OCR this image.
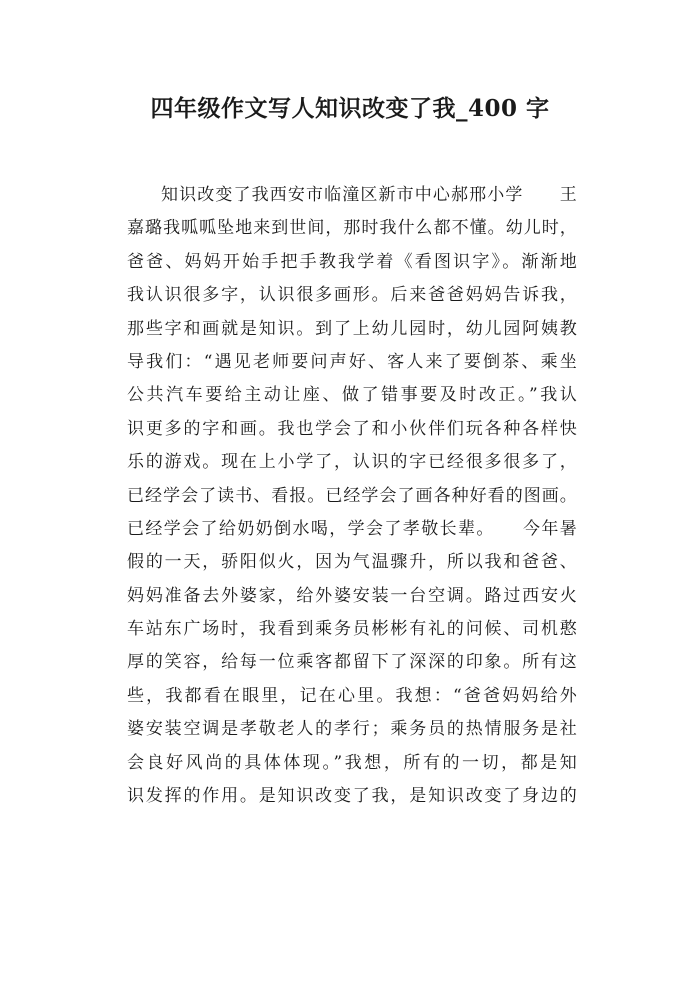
四年级作文写人知识改变了我_400 字
知识改变了我西安市临潼区新市中心郝邢小学　　王
嘉璐我呱呱坠地来到世间，那时我什么都不懂。幼儿时，
爸爸、妈妈开始手把手教我学着《看图识字》。渐渐地
我认识很多字，认识很多画形。后来爸爸妈妈告诉我，
那些字和画就是知识。到了上幼儿园时，幼儿园阿姨教
导我们：“遇见老师要问声好、客人来了要倒茶、乘坐
公共汽车要给主动让座、做了错事要及时改正。”我认
识更多的字和画。我也学会了和小伙伴们玩各种各样快
乐的游戏。现在上小学了，认识的字已经很多很多了，
已经学会了读书、看报。已经学会了画各种好看的图画。
已经学会了给奶奶倒水喝，学会了孝敬长辈。　　今年暑
假的一天，骄阳似火，因为气温骤升，所以我和爸爸、
妈妈准备去外婆家，给外婆安装一台空调。路过西安火
车站东广场时，我看到乘务员彬彬有礼的问候、司机憨
厚的笑容，给每一位乘客都留下了深深的印象。所有这
些，我都看在眼里，记在心里。我想：“爸爸妈妈给外
婆安装空调是孝敬老人的孝行；乘务员的热情服务是社
会良好风尚的具体体现。”我想，所有的一切，都是知
识发挥的作用。是知识改变了我，是知识改变了身边的
